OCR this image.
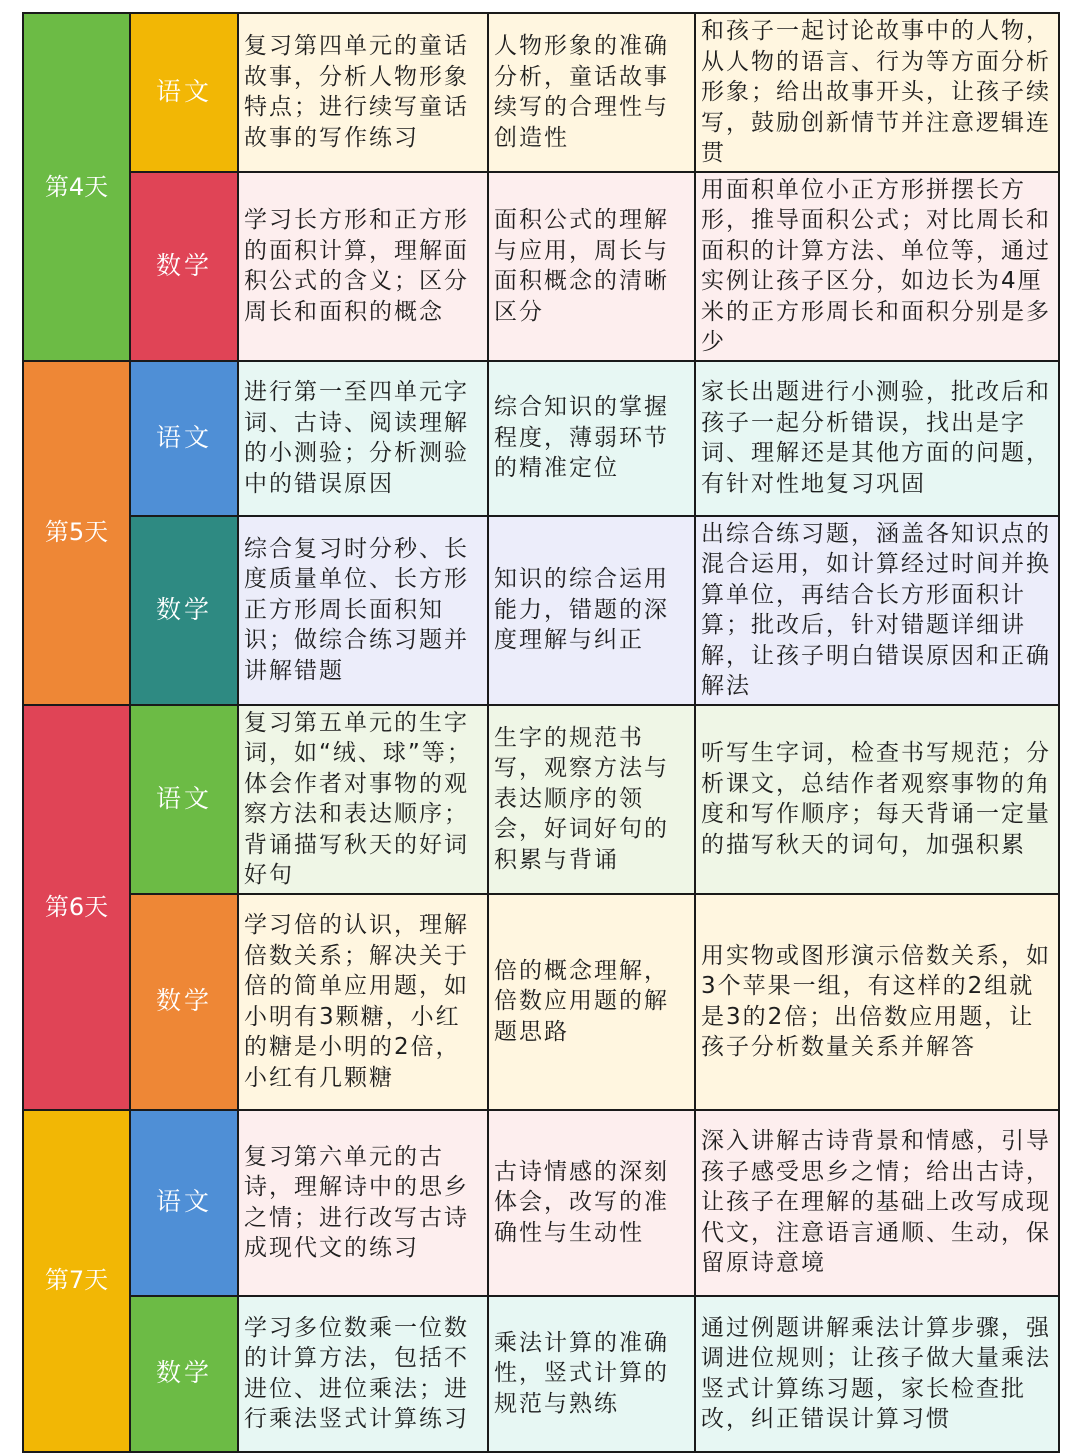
第4天	语文	复习第四单元的童话故事，分析人物形象特点；进行续写童话故事的写作练习	人物形象的准确分析，童话故事续写的合理性与创造性	和孩子一起讨论故事中的人物，从人物的语言、行为等方面分析形象；给出故事开头，让孩子续写，鼓励创新情节并注意逻辑连贯
	数学	学习长方形和正方形的面积计算，理解面积公式的含义；区分周长和面积的概念	面积公式的理解与应用，周长与面积概念的清晰区分	用面积单位小正方形拼摆长方形，推导面积公式；对比周长和面积的计算方法、单位等，通过实例让孩子区分，如边长为4厘米的正方形周长和面积分别是多少
第5天	语文	进行第一至四单元字词、古诗、阅读理解的小测验；分析测验中的错误原因	综合知识的掌握程度，薄弱环节的精准定位	家长出题进行小测验，批改后和孩子一起分析错误，找出是字词、理解还是其他方面的问题，有针对性地复习巩固
	数学	综合复习时分秒、长度质量单位、长方形正方形周长面积知识；做综合练习题并讲解错题	知识的综合运用能力，错题的深度理解与纠正	出综合练习题，涵盖各知识点的混合运用，如计算经过时间并换算单位，再结合长方形面积计算；批改后，针对错题详细讲解，让孩子明白错误原因和正确解法
第6天	语文	复习第五单元的生字词，如“绒、球”等；体会作者对事物的观察方法和表达顺序；背诵描写秋天的好词好句	生字的规范书写，观察方法与表达顺序的领会，好词好句的积累与背诵	听写生字词，检查书写规范；分析课文，总结作者观察事物的角度和写作顺序；每天背诵一定量的描写秋天的词句，加强积累
	数学	学习倍的认识，理解倍数关系；解决关于倍的简单应用题，如小明有3颗糖，小红的糖是小明的2倍，小红有几颗糖	倍的概念理解，倍数应用题的解题思路	用实物或图形演示倍数关系，如3个苹果一组，有这样的2组就是3的2倍；出倍数应用题，让孩子分析数量关系并解答
第7天	语文	复习第六单元的古诗，理解诗中的思乡之情；进行改写古诗成现代文的练习	古诗情感的深刻体会，改写的准确性与生动性	深入讲解古诗背景和情感，引导孩子感受思乡之情；给出古诗，让孩子在理解的基础上改写成现代文，注意语言通顺、生动，保留原诗意境
	数学	学习多位数乘一位数的计算方法，包括不进位、进位乘法；进行乘法竖式计算练习	乘法计算的准确性，竖式计算的规范与熟练	通过例题讲解乘法计算步骤，强调进位规则；让孩子做大量乘法竖式计算练习题，家长检查批改，纠正错误计算习惯
